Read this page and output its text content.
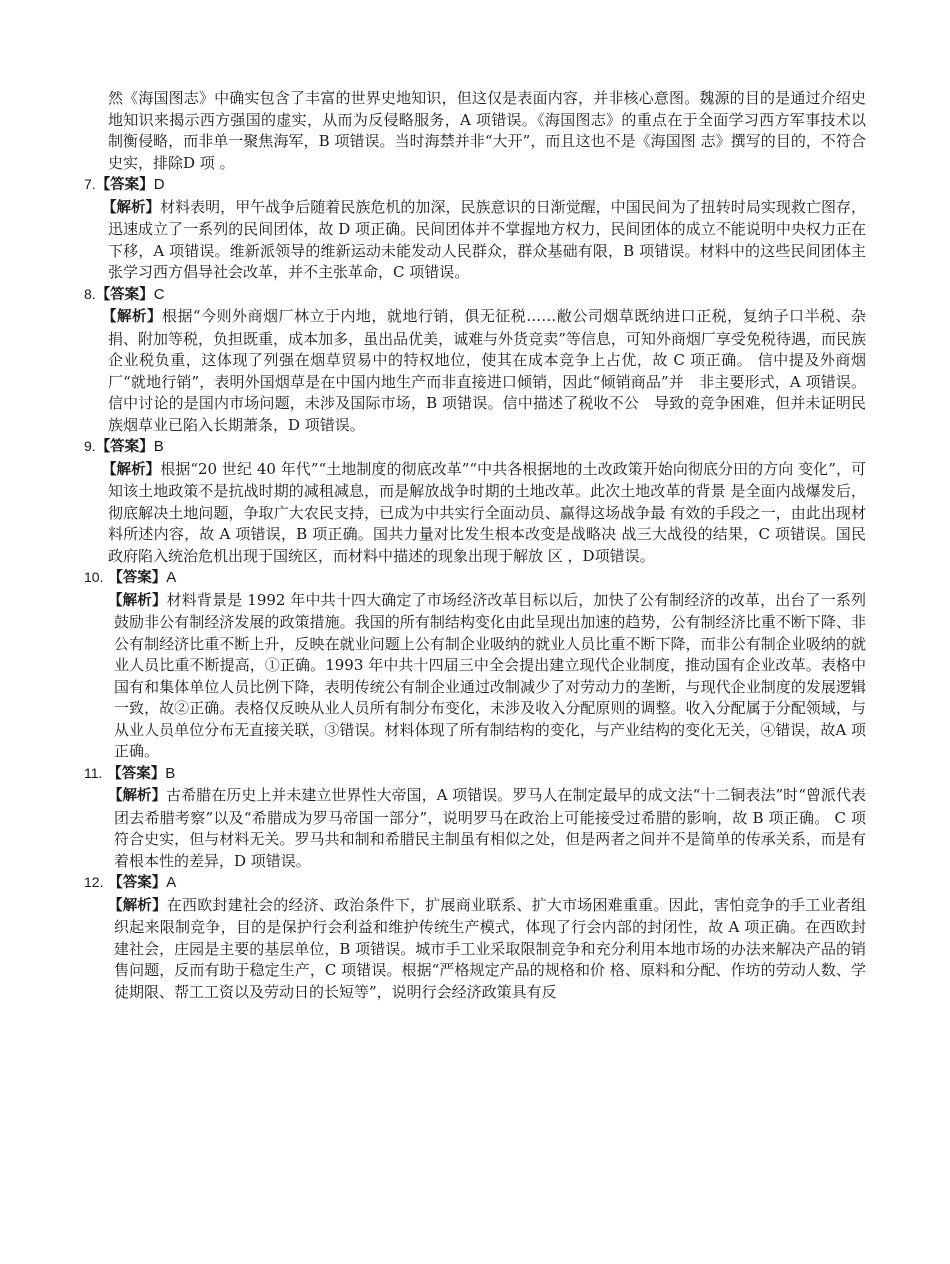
然《海国图志》中确实包含了丰富的世界史地知识，但这仅是表面内容，并非核心意图。魏源的目的是通过介绍史地知识来揭示西方强国的虚实，从而为反侵略服务，A 项错误。《海国图志》的重点在于全面学习西方军事技术以制衡侵略，而非单一聚焦海军，B 项错误。当时海禁并非“大开”，而且这也不是《海国图 志》撰写的目的，不符合史实，排除D 项 。

7.【答案】D

【解析】材料表明，甲午战争后随着民族危机的加深，民族意识的日渐觉醒，中国民间为了扭转时局实现救亡图存，迅速成立了一系列的民间团体，故 D 项正确。民间团体并不掌握地方权力，民间团体的成立不能说明中央权力正在下移，A 项错误。维新派领导的维新运动未能发动人民群众，群众基础有限，B 项错误。材料中的这些民间团体主张学习西方倡导社会改革，并不主张革命，C 项错误。

8.【答案】C

【解析】根据“今则外商烟厂林立于内地，就地行销，俱无征税……敝公司烟草既纳进口正税，复纳子口半税、杂捐、附加等税，负担既重，成本加多，虽出品优美，诚难与外货竞卖”等信息，可知外商烟厂享受免税待遇，而民族企业税负重，这体现了列强在烟草贸易中的特权地位，使其在成本竞争上占优，故 C 项正确。 信中提及外商烟厂“就地行销”，表明外国烟草是在中国内地生产而非直接进口倾销，因此“倾销商品”并　非主要形式，A 项错误。信中讨论的是国内市场问题，未涉及国际市场，B 项错误。信中描述了税收不公　导致的竞争困难，但并未证明民族烟草业已陷入长期萧条，D 项错误。

9.【答案】B

【解析】根据“20 世纪 40 年代”“土地制度的彻底改革”“中共各根据地的土改政策开始向彻底分田的方向 变化”，可知该土地政策不是抗战时期的减租减息，而是解放战争时期的土地改革。此次土地改革的背景 是全面内战爆发后，彻底解决土地问题，争取广大农民支持，已成为中共实行全面动员、赢得这场战争最 有效的手段之一，由此出现材料所述内容，故 A 项错误，B 项正确。国共力量对比发生根本改变是战略决 战三大战役的结果，C 项错误。国民政府陷入统治危机出现于国统区，而材料中描述的现象出现于解放 区 ，D项错误。

10. 【答案】A

【解析】材料背景是 1992 年中共十四大确定了市场经济改革目标以后，加快了公有制经济的改革，出台了一系列鼓励非公有制经济发展的政策措施。我国的所有制结构变化由此呈现出加速的趋势，公有制经济比重不断下降、非公有制经济比重不断上升，反映在就业问题上公有制企业吸纳的就业人员比重不断下降，而非公有制企业吸纳的就业人员比重不断提高，①正确。1993 年中共十四届三中全会提出建立现代企业制度，推动国有企业改革。表格中国有和集体单位人员比例下降，表明传统公有制企业通过改制减少了对劳动力的垄断，与现代企业制度的发展逻辑一致，故②正确。表格仅反映从业人员所有制分布变化，未涉及收入分配原则的调整。收入分配属于分配领域，与从业人员单位分布无直接关联，③错误。材料体现了所有制结构的变化，与产业结构的变化无关，④错误，故A 项正确。

11. 【答案】B

【解析】古希腊在历史上并未建立世界性大帝国，A 项错误。罗马人在制定最早的成文法“十二铜表法”时“曾派代表团去希腊考察”以及“希腊成为罗马帝国一部分”，说明罗马在政治上可能接受过希腊的影响，故 B 项正确。 C 项符合史实，但与材料无关。罗马共和制和希腊民主制虽有相似之处，但是两者之间并不是简单的传承关系，而是有着根本性的差异，D 项错误。

12. 【答案】A

【解析】在西欧封建社会的经济、政治条件下，扩展商业联系、扩大市场困难重重。因此，害怕竞争的手工业者组织起来限制竞争，目的是保护行会利益和维护传统生产模式，体现了行会内部的封闭性，故 A 项正确。在西欧封建社会，庄园是主要的基层单位，B 项错误。城市手工业采取限制竞争和充分利用本地市场的办法来解决产品的销售问题，反而有助于稳定生产，C 项错误。根据“严格规定产品的规格和价 格、原料和分配、作坊的劳动人数、学徒期限、帮工工资以及劳动日的长短等”，说明行会经济政策具有反
